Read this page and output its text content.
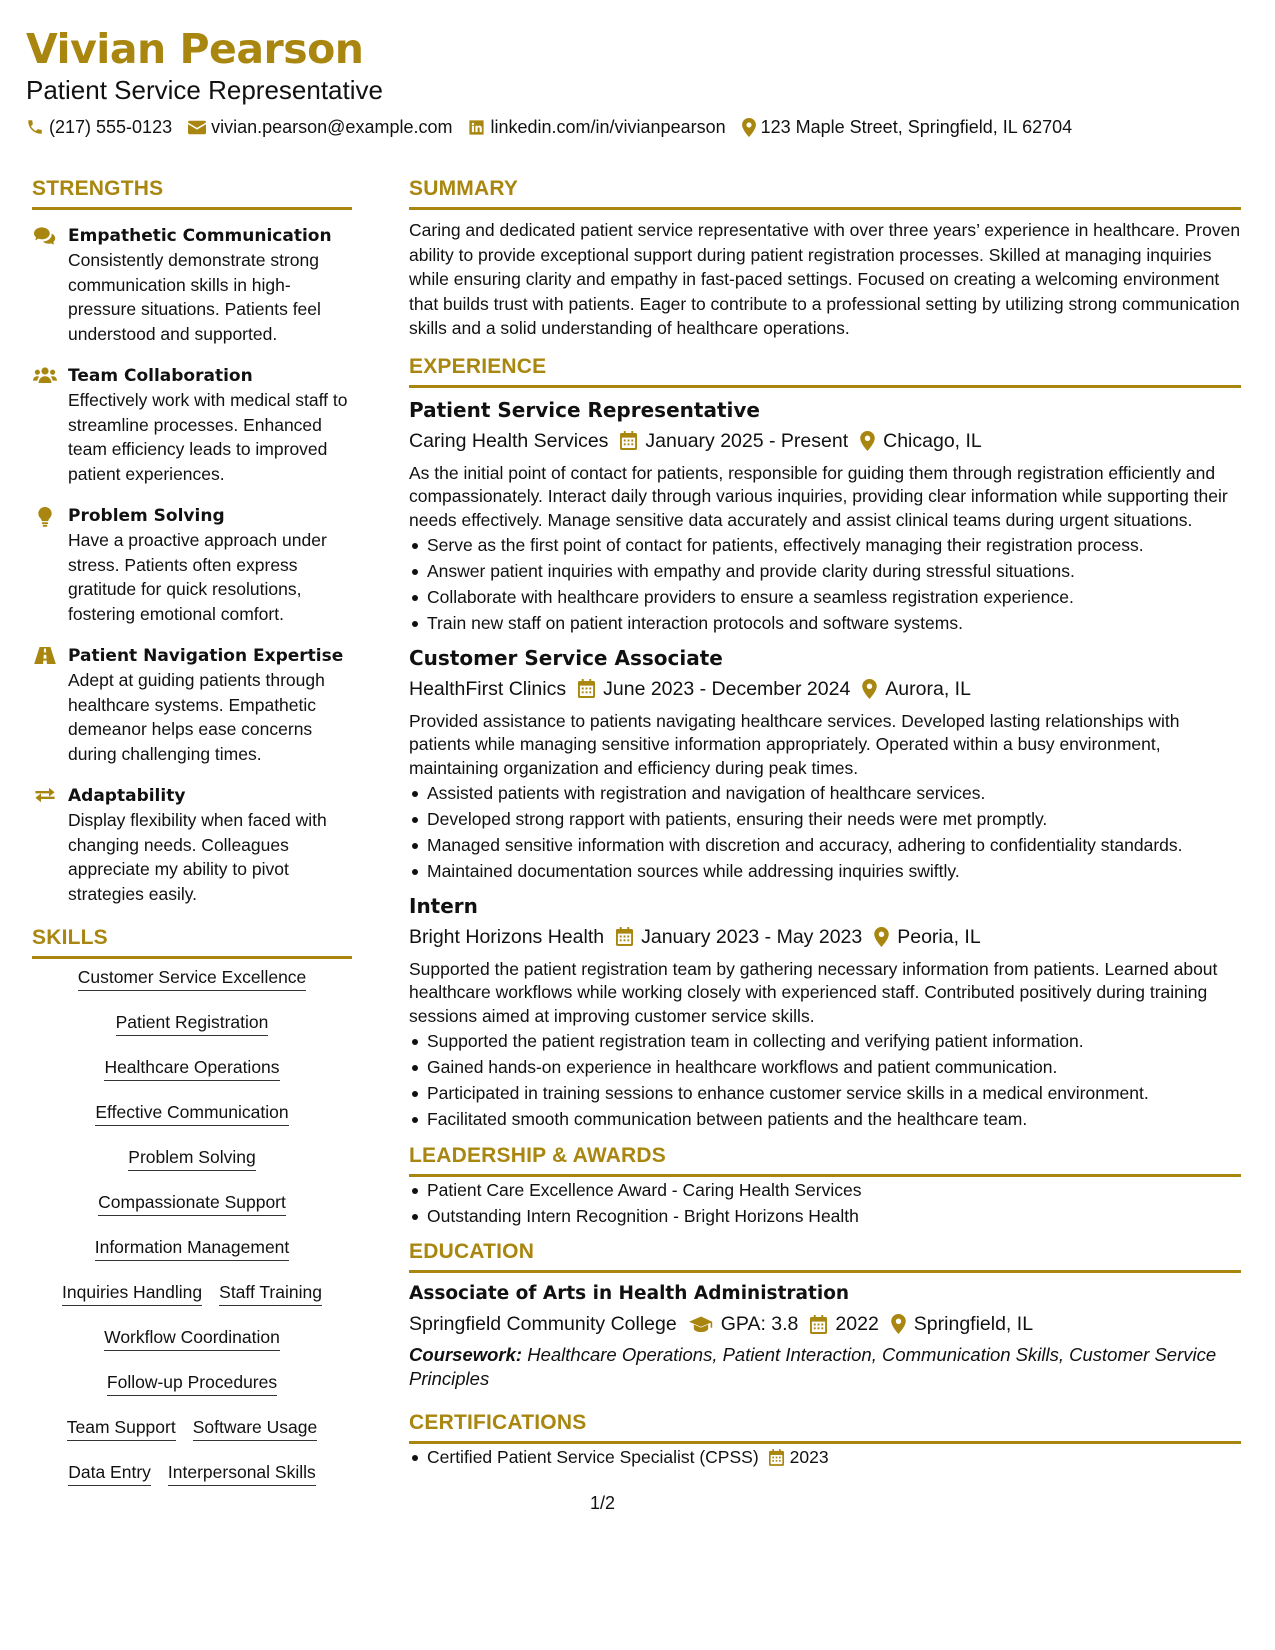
Vivian Pearson
Patient Service Representative
(217) 555-0123 vivian.pearson@example.com linkedin.com/in/vivianpearson 123 Maple Street, Springfield, IL 62704
STRENGTHS
Empathetic Communication
Consistently demonstrate strong communication skills in high-pressure situations. Patients feel understood and supported.
Team Collaboration
Effectively work with medical staff to streamline processes. Enhanced team efficiency leads to improved patient experiences.
Problem Solving
Have a proactive approach under stress. Patients often express gratitude for quick resolutions, fostering emotional comfort.
Patient Navigation Expertise
Adept at guiding patients through healthcare systems. Empathetic demeanor helps ease concerns during challenging times.
Adaptability
Display flexibility when faced with changing needs. Colleagues appreciate my ability to pivot strategies easily.
SKILLS
Customer Service Excellence
Patient Registration
Healthcare Operations
Effective Communication
Problem Solving
Compassionate Support
Information Management
Inquiries Handling Staff Training
Workflow Coordination
Follow-up Procedures
Team Support Software Usage
Data Entry Interpersonal Skills
SUMMARY
Caring and dedicated patient service representative with over three years’ experience in healthcare. Proven ability to provide exceptional support during patient registration processes. Skilled at managing inquiries while ensuring clarity and empathy in fast-paced settings. Focused on creating a welcoming environment that builds trust with patients. Eager to contribute to a professional setting by utilizing strong communication skills and a solid understanding of healthcare operations.
EXPERIENCE
Patient Service Representative
Caring Health Services January 2025 - Present Chicago, IL
As the initial point of contact for patients, responsible for guiding them through registration efficiently and compassionately. Interact daily through various inquiries, providing clear information while supporting their needs effectively. Manage sensitive data accurately and assist clinical teams during urgent situations.
Serve as the first point of contact for patients, effectively managing their registration process.
Answer patient inquiries with empathy and provide clarity during stressful situations.
Collaborate with healthcare providers to ensure a seamless registration experience.
Train new staff on patient interaction protocols and software systems.
Customer Service Associate
HealthFirst Clinics June 2023 - December 2024 Aurora, IL
Provided assistance to patients navigating healthcare services. Developed lasting relationships with patients while managing sensitive information appropriately. Operated within a busy environment, maintaining organization and efficiency during peak times.
Assisted patients with registration and navigation of healthcare services.
Developed strong rapport with patients, ensuring their needs were met promptly.
Managed sensitive information with discretion and accuracy, adhering to confidentiality standards.
Maintained documentation sources while addressing inquiries swiftly.
Intern
Bright Horizons Health January 2023 - May 2023 Peoria, IL
Supported the patient registration team by gathering necessary information from patients. Learned about healthcare workflows while working closely with experienced staff. Contributed positively during training sessions aimed at improving customer service skills.
Supported the patient registration team in collecting and verifying patient information.
Gained hands-on experience in healthcare workflows and patient communication.
Participated in training sessions to enhance customer service skills in a medical environment.
Facilitated smooth communication between patients and the healthcare team.
LEADERSHIP & AWARDS
Patient Care Excellence Award - Caring Health Services
Outstanding Intern Recognition - Bright Horizons Health
EDUCATION
Associate of Arts in Health Administration
Springfield Community College GPA: 3.8 2022 Springfield, IL
Coursework: Healthcare Operations, Patient Interaction, Communication Skills, Customer Service Principles
CERTIFICATIONS
Certified Patient Service Specialist (CPSS) 2023
1/2
